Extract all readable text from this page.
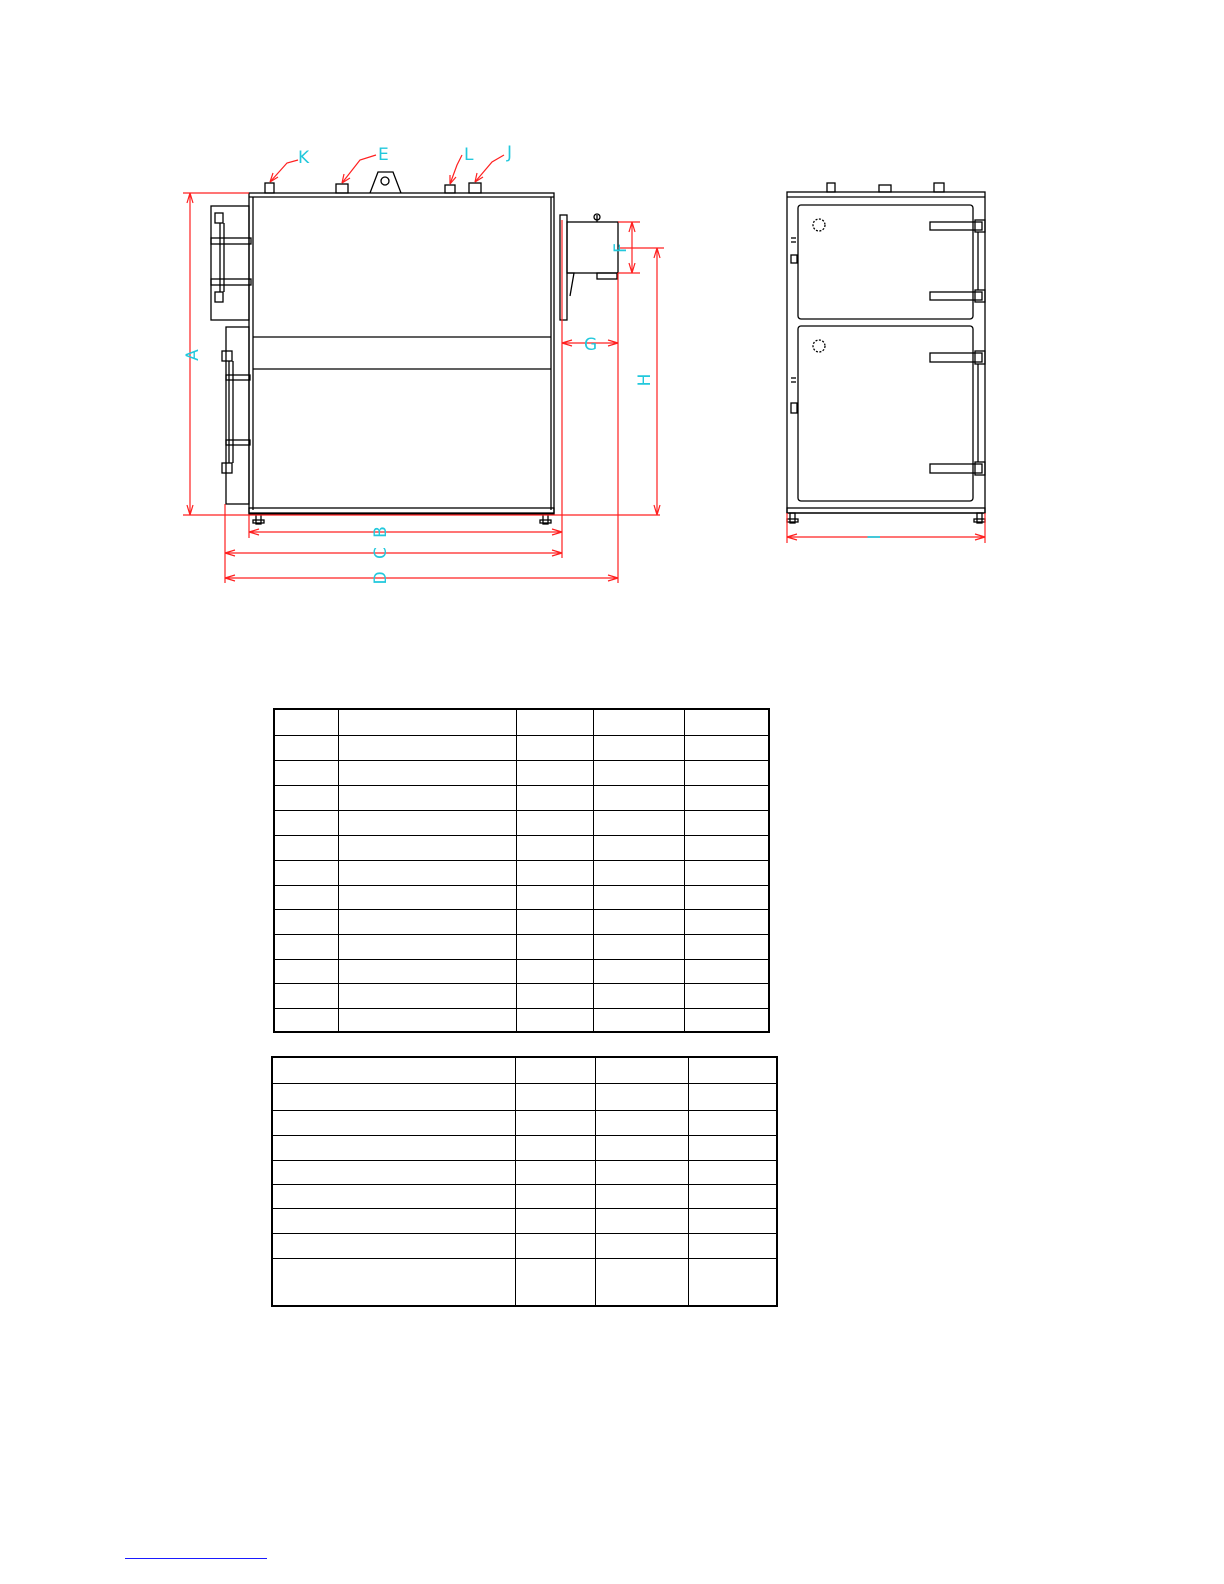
A
B
C
D
E
F
G
H
K	L J
I
